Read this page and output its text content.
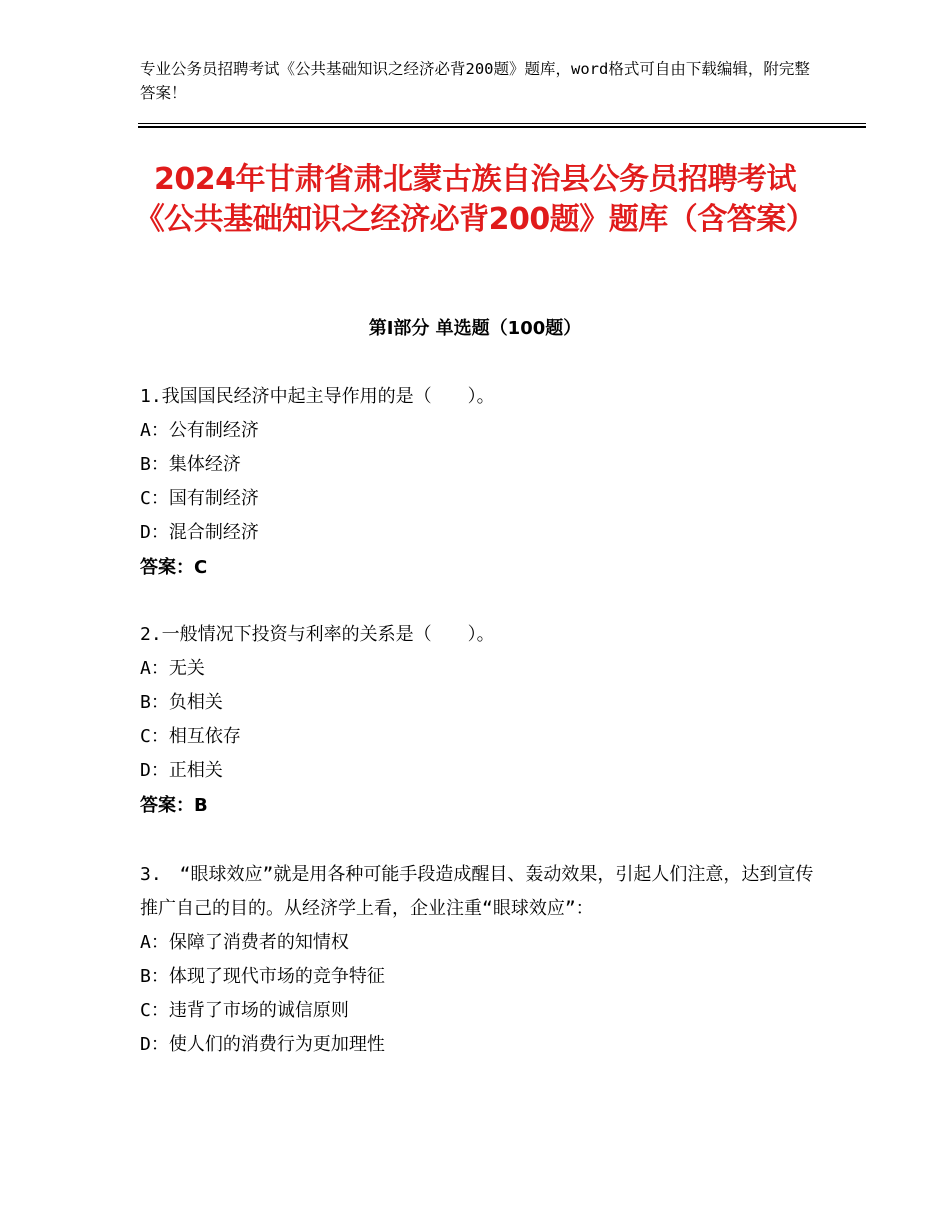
专业公务员招聘考试《公共基础知识之经济必背200题》题库，word格式可自由下载编辑，附完整答案！
2024年甘肃省肃北蒙古族自治县公务员招聘考试《公共基础知识之经济必背200题》题库（含答案）
第Ⅰ部分 单选题（100题）
1.我国国民经济中起主导作用的是（　　）。
A：公有制经济
B：集体经济
C：国有制经济
D：混合制经济
答案：C
2.一般情况下投资与利率的关系是（　　）。
A：无关
B：负相关
C：相互依存
D：正相关
答案：B
3.　“眼球效应”就是用各种可能手段造成醒目、轰动效果，引起人们注意，达到宣传推广自己的目的。从经济学上看，企业注重“眼球效应”：
A：保障了消费者的知情权
B：体现了现代市场的竞争特征
C：违背了市场的诚信原则
D：使人们的消费行为更加理性
